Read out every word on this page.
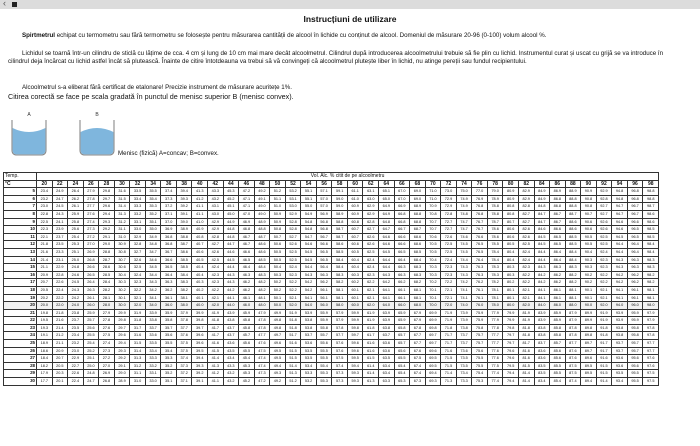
‹
Instrucțiuni de utilizare
Spirtmetrul echipat cu termometru sau fără termometru se folosește pentru măsurarea cantității de alcool în lichide cu conținut de alcool. Domeniul de măsurare 20-96 (0-100) volum alcool %.
Lichidul se toarnă într-un cilindru de sticlă cu lățime de cca. 4 cm și lung de 10 cm mai mare decât alcoolmetrul. Cilindrul după introducerea alcoolmetrului trebuie să fie plin cu lichid. Instrumentul curat și uscat cu grijă se va introduce în cilindrul deja încărcat cu lichid astfel încât să plutească. Înainte de citire întotdeauna va trebui să vă convingeți că alcoolmetrul plutește liber în lichid, nu atinge pereții sau fundul recipientului.
Alcoolmetrul s-a eliberat fără certificat de etalonare! Precizie instrument de măsurare acuritețe 1%.
Citirea corectă se face pe scala gradată în punctul de menisc superior B (menisc convex).
A	B
Menisc (fizică) A=concav; B=convex.
Temp.	Vol. Alc. % citit de pe alcoolmetru																																							
°C	20	22	24	26	28	30	32	34	36	38	40	42	44	46	48	50	52	54	56	58	60	62	64	66	68	70	72	74	76	78	80	82	84	86	88	90	92	94	96	98
5	23.4	24.9	26.4	27.9	29.8	31.6	33.5	35.5	37.4	39.4	41.3	43.3	45.3	47.2	49.2	51.2	53.2	55.1	57.1	59.1	61.1	63.1	65.1	67.0	69.0	71.0	73.0	75.0	77.0	79.0	80.9	82.9	84.9	86.9	88.9	90.9	92.9	94.8	96.8	98.8
6	23.2	24.7	26.2	27.8	29.7	31.5	33.4	35.4	37.3	39.3	41.2	43.2	45.2	47.1	49.1	51.1	53.1	55.1	57.0	59.0	61.0	63.0	65.0	67.0	69.0	71.0	72.9	74.9	76.9	78.9	80.9	82.9	84.9	86.8	88.8	90.8	92.8	94.8	96.8	98.8
7	23.0	24.5	26.1	27.7	29.6	31.4	33.3	35.3	37.2	39.2	41.1	43.1	45.1	47.1	49.0	51.0	53.0	55.0	57.0	59.0	60.9	62.9	64.9	66.9	68.9	70.9	72.9	74.9	76.8	78.8	80.8	82.8	84.8	86.8	88.8	90.8	92.7	94.7	96.7	98.7
8	22.8	24.3	25.9	27.6	29.4	31.3	33.2	35.2	37.1	39.1	41.1	43.0	45.0	47.0	49.0	50.9	52.9	54.9	56.9	58.9	60.9	62.9	64.9	66.8	68.8	70.8	72.8	74.8	76.8	78.8	80.8	82.7	84.7	86.7	88.7	90.7	92.7	94.7	96.7	98.6
9	22.5	24.1	25.8	27.4	29.3	31.2	33.1	35.1	37.0	39.0	41.0	42.9	44.9	46.9	48.9	50.9	52.8	54.8	56.8	58.8	60.8	62.8	64.8	66.8	68.8	70.7	72.7	74.7	76.7	78.7	80.7	82.7	84.7	86.7	88.6	90.6	92.6	94.6	96.6	98.6
10	22.3	23.9	25.6	27.3	29.2	31.1	33.0	35.0	36.9	38.9	40.9	42.9	44.8	46.8	48.8	50.8	52.8	54.8	56.8	58.7	60.7	62.7	64.7	66.7	68.7	70.7	72.7	74.7	76.7	78.6	80.6	82.6	84.6	86.6	88.6	90.6	92.6	94.6	96.5	98.5
11	22.1	23.7	25.4	27.2	29.1	31.0	32.9	34.9	36.8	38.8	40.8	42.8	44.8	46.7	48.7	50.7	52.7	54.7	56.7	58.7	60.7	62.6	64.6	66.6	68.6	70.6	72.6	74.6	76.6	78.6	80.6	82.6	84.5	86.5	88.5	90.5	92.5	94.5	96.5	98.5
12	21.8	23.5	25.3	27.0	29.0	30.9	32.8	34.8	36.8	38.7	40.7	42.7	44.7	46.7	48.6	50.6	52.6	54.6	56.6	58.6	60.6	62.6	64.6	66.6	68.6	70.5	72.5	74.5	76.5	78.5	80.5	82.5	84.5	86.5	88.5	90.5	92.5	94.4	96.4	98.4
13	21.6	23.3	25.1	26.9	28.8	30.8	32.7	34.7	36.7	38.6	40.6	42.6	44.6	46.6	48.6	50.5	52.5	54.5	56.5	58.5	60.5	62.5	64.5	66.5	68.5	70.5	72.5	74.5	76.5	78.4	80.4	82.4	84.4	86.4	88.4	90.4	92.4	94.4	96.4	98.4
14	21.4	23.1	25.0	26.8	28.7	30.7	32.6	34.6	36.6	38.5	40.5	42.5	44.5	46.5	48.5	50.5	52.5	54.5	56.5	58.4	60.4	62.4	64.4	66.4	68.4	70.4	72.4	74.4	76.4	78.4	80.4	82.4	84.4	86.4	88.4	90.3	92.3	94.3	96.3	98.3
15	21.1	22.9	24.8	26.6	28.6	30.6	32.5	34.5	36.5	38.5	40.4	42.4	44.4	46.4	48.4	50.4	52.4	54.4	56.4	58.4	60.4	62.4	64.4	66.3	68.3	70.3	72.3	74.3	76.3	78.3	80.3	82.3	84.3	86.3	88.3	90.3	92.3	94.3	96.3	98.3
16	20.9	22.8	24.6	26.5	28.5	30.4	32.4	34.4	36.4	38.4	40.4	42.3	44.3	46.3	48.3	50.3	52.3	54.3	56.3	58.3	60.3	62.3	64.3	66.3	68.3	70.3	72.3	74.3	76.3	78.3	80.3	82.2	84.2	86.2	88.2	90.2	92.2	94.2	96.2	98.2
17	20.7	22.6	24.5	26.4	28.4	30.3	32.3	34.3	36.3	38.3	40.3	42.3	44.3	46.2	48.2	50.2	52.2	54.2	56.2	58.2	60.2	62.2	64.2	66.2	68.2	70.2	72.2	74.2	76.2	78.2	80.2	82.2	84.2	86.2	88.2	90.2	92.2	94.2	96.2	98.2
18	20.5	22.4	24.3	26.3	28.2	30.2	32.2	34.2	36.2	38.2	40.2	42.2	44.2	46.2	48.2	50.2	52.2	54.2	56.1	58.1	60.1	62.1	64.1	66.1	68.1	70.1	72.1	74.1	76.1	78.1	80.1	82.1	84.1	86.1	88.1	90.1	92.1	94.1	96.1	98.1
19	20.2	22.2	24.2	26.1	28.1	30.1	32.1	34.1	36.1	38.1	40.1	42.1	44.1	46.1	48.1	50.1	52.1	54.1	56.1	58.1	60.1	62.1	64.1	66.1	68.1	70.1	72.1	74.1	76.1	78.1	80.1	82.1	84.1	86.1	88.1	90.1	92.1	94.1	96.1	98.1
20	20.0	22.0	24.0	26.0	28.0	30.0	32.0	34.0	36.0	38.0	40.0	42.0	44.0	46.0	48.0	50.0	52.0	54.0	56.0	58.0	60.0	62.0	64.0	66.0	68.0	70.0	72.0	74.0	76.0	78.0	80.0	82.0	84.0	86.0	88.0	90.0	92.0	94.0	96.0	98.0
21	19.8	21.8	23.8	25.9	27.9	29.9	31.9	33.9	35.9	37.9	39.9	41.9	43.9	45.9	47.9	49.9	51.9	53.9	55.9	57.9	59.9	61.9	63.9	65.9	67.9	69.9	71.9	73.9	75.9	77.9	79.9	81.9	83.9	85.9	87.9	89.9	91.9	93.9	95.9	97.9
22	19.5	21.6	23.7	25.7	27.8	29.8	31.8	33.8	35.8	37.8	39.8	41.8	43.8	45.8	47.8	49.8	51.8	53.8	55.9	57.9	59.9	61.9	63.9	65.9	67.9	69.9	71.9	73.9	75.9	77.9	79.9	81.9	83.9	85.9	87.9	89.9	91.9	93.9	95.9	97.9
23	19.3	21.4	23.5	25.6	27.6	29.7	31.7	33.7	35.7	37.7	39.7	41.7	43.7	45.8	47.8	49.8	51.8	53.8	55.8	57.8	59.8	61.8	63.8	65.8	67.8	69.8	71.8	73.8	75.8	77.8	79.8	81.8	83.8	85.8	87.8	89.8	91.8	93.8	95.8	97.8
24	19.1	21.2	23.4	25.5	27.5	29.6	31.6	33.6	35.6	37.6	39.6	41.7	43.7	45.7	47.7	49.7	51.7	53.7	55.7	57.7	59.7	61.7	63.7	65.7	67.7	69.7	71.7	73.7	75.7	77.7	79.7	81.8	83.8	85.8	87.8	89.8	91.8	93.8	95.8	97.8
25	18.9	21.1	23.2	25.4	27.4	29.4	31.5	33.5	35.5	37.5	39.6	41.6	43.6	45.6	47.6	49.6	51.6	53.6	55.6	57.6	59.6	61.6	63.6	65.7	67.7	69.7	71.7	73.7	75.7	77.7	79.7	81.7	83.7	85.7	87.7	89.7	91.7	93.7	95.7	97.7
26	18.6	20.9	23.0	25.2	27.3	29.3	31.4	33.4	35.4	37.5	39.5	41.5	43.5	45.5	47.5	49.5	51.5	53.5	55.5	57.6	59.6	61.6	63.6	65.6	67.6	69.6	71.6	73.6	75.6	77.6	79.6	81.6	83.6	85.6	87.6	89.7	91.7	93.7	95.7	97.7
27	18.4	20.7	22.9	25.1	27.2	29.2	31.3	33.3	35.3	37.4	39.4	41.4	43.4	45.4	47.4	49.5	51.5	53.5	55.5	57.5	59.5	61.5	63.5	65.5	67.5	69.5	71.5	73.5	75.5	77.6	79.6	81.6	83.6	85.6	87.6	89.6	91.6	93.6	95.6	97.6
28	18.2	20.5	22.7	25.0	27.0	29.1	31.2	33.2	35.2	37.3	39.3	41.3	43.3	45.3	47.4	49.4	51.4	53.4	55.4	57.4	59.4	61.4	63.4	65.4	67.4	69.5	71.5	73.5	75.5	77.5	79.5	81.5	83.5	85.5	87.5	89.5	91.5	93.6	95.6	97.6
29	17.9	20.3	22.6	24.8	26.9	29.0	31.1	33.1	35.2	37.2	39.2	41.2	43.2	45.3	47.3	49.3	51.3	53.3	55.3	57.3	59.3	61.4	63.4	65.4	67.4	69.4	71.4	73.4	75.4	77.4	79.4	81.4	83.5	85.5	87.5	89.5	91.5	93.5	95.5	97.5
30	17.7	20.1	22.4	24.7	26.8	28.9	31.0	33.0	35.1	37.1	39.1	41.1	43.2	45.2	47.2	49.2	51.2	53.2	55.3	57.3	59.3	61.3	63.3	65.3	67.3	69.3	71.3	73.3	75.3	77.4	79.4	81.4	83.4	85.4	87.4	89.4	91.4	93.4	95.5	97.5
